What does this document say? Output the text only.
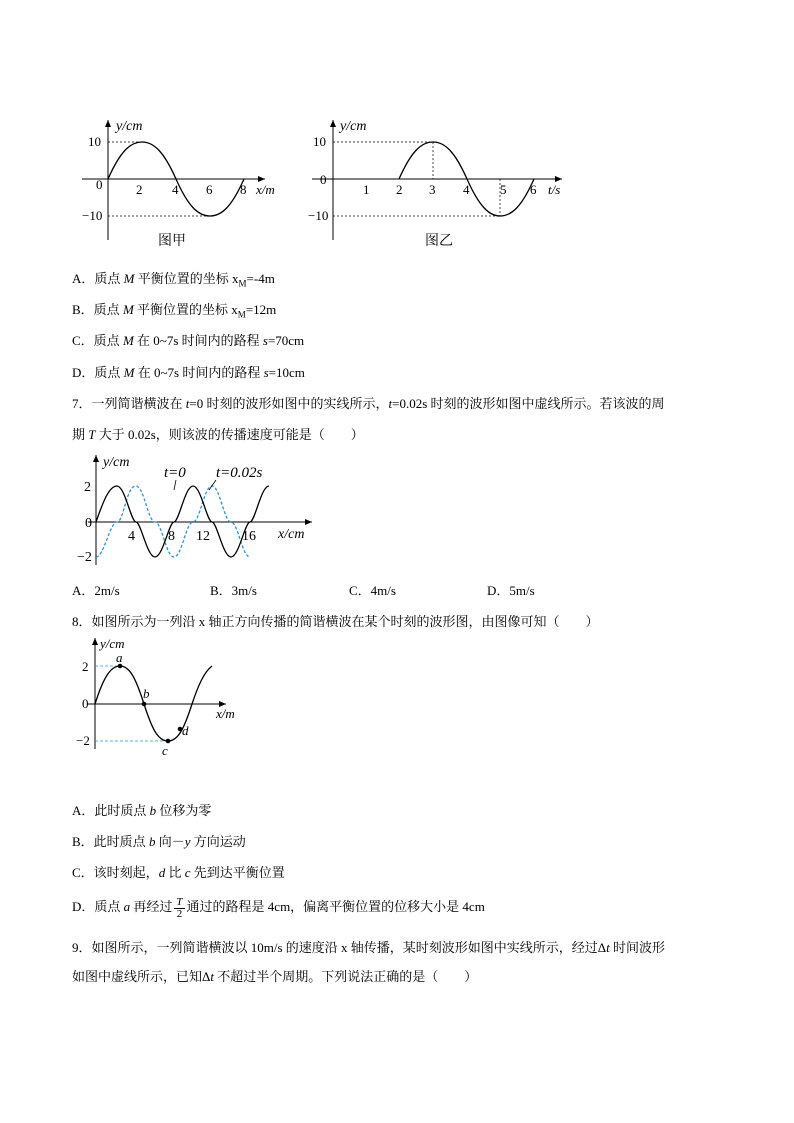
y/cm
10
0
−10
2 4 6 8 x/m
图甲
y/cm
10
0
−10
1 2 3 4 5 6 t/s
图乙
A．质点 M 平衡位置的坐标 $x_M=-4m$
B．质点 M 平衡位置的坐标 $x_M=12m$
C．质点 M 在 0~7s 时间内的路程 s=70cm
D．质点 M 在 0~7s 时间内的路程 s=10cm
7．一列简谐横波在 t=0 时刻的波形如图中的实线所示，t=0.02s 时刻的波形如图中虚线所示。若该波的周
期 T 大于 0.02s，则该波的传播速度可能是（　　）
y/cm
2
0
−2
4 8 12 16 x/cm
t=0 t=0.02s
A．2m/s	B．3m/s	C．4m/s	D．5m/s
8．如图所示为一列沿 x 轴正方向传播的简谐横波在某个时刻的波形图，由图像可知（　　）
y/cm
2
0
−2
a
b
c
d
x/m
A．此时质点 b 位移为零
B．此时质点 b 向－y 方向运动
C．该时刻起，d 比 c 先到达平衡位置
D．质点 a 再经过 $\frac{T}{2}$ 通过的路程是 4cm，偏离平衡位置的位移大小是 4cm
9．如图所示，一列简谐横波以 10m/s 的速度沿 x 轴传播，某时刻波形如图中实线所示，经过Δt 时间波形
如图中虚线所示，已知Δt 不超过半个周期。下列说法正确的是（　　）
